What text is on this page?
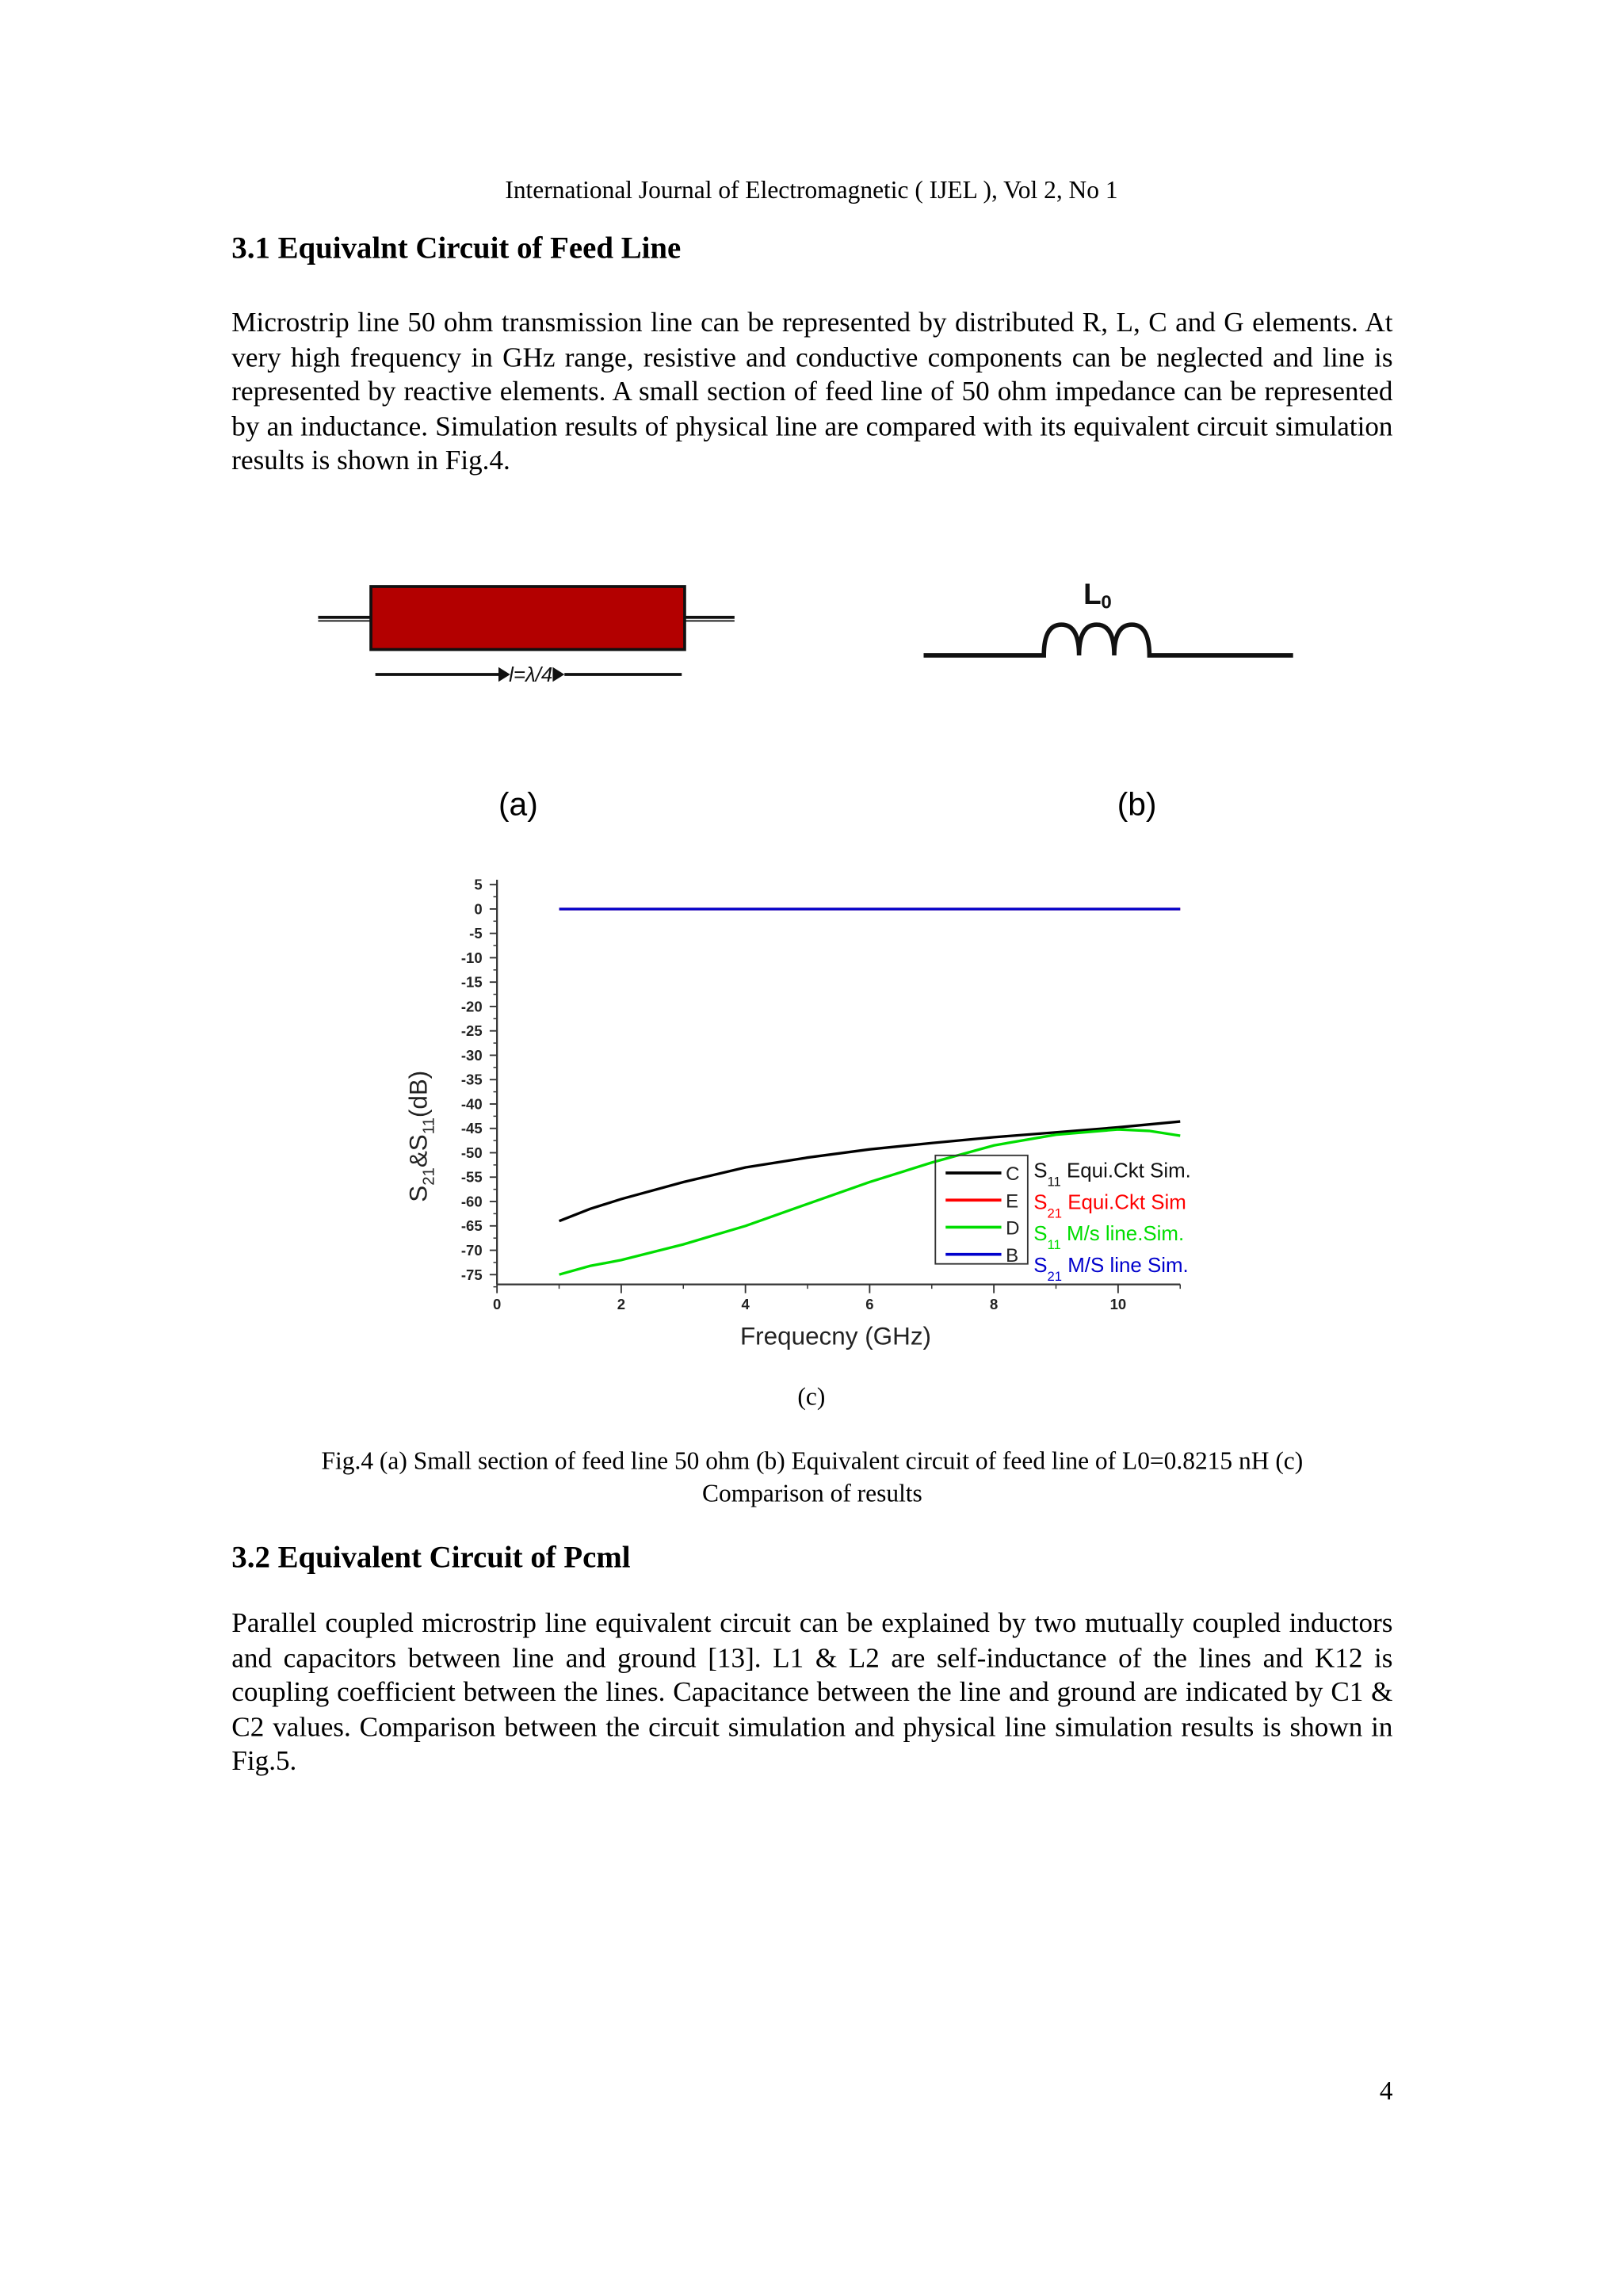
International Journal of Electromagnetic ( IJEL ), Vol 2, No 1
3.1 Equivalnt Circuit of Feed Line

Microstrip line 50 ohm transmission line can be represented by distributed R, L, C and G elements. At very high frequency in GHz range, resistive and conductive components can be neglected and line is represented by reactive elements. A small section of feed line of 50 ohm impedance can be represented by an inductance. Simulation results of physical line are compared with its equivalent circuit simulation results is shown in Fig.4.

l=λ/4
L 0
(a)	(b)
5
0
-5
-10
-15
-20
-25
-30
-35
-40
-45
-50
-55
-60
-65
-70
-75
0	2	4	6	8	10
Frequecny (GHz)
$S_{21}\&S_{11}(dB)$
C $S_{11}$ Equi.Ckt Sim.
E $S_{21}$ Equi.Ckt Sim
D $S_{11}$ M/s line.Sim.
B $S_{21}$ M/S line Sim.
(c)
Fig.4 (a) Small section of feed line 50 ohm (b) Equivalent circuit of feed line of L0=0.8215 nH (c)
Comparison of results
3.2 Equivalent Circuit of Pcml

Parallel coupled microstrip line equivalent circuit can be explained by two mutually coupled inductors and capacitors between line and ground [13]. L1 & L2 are self-inductance of the lines and K12 is coupling coefficient between the lines. Capacitance between the line and ground are indicated by C1 & C2 values. Comparison between the circuit simulation and physical line simulation results is shown in Fig.5.

4
